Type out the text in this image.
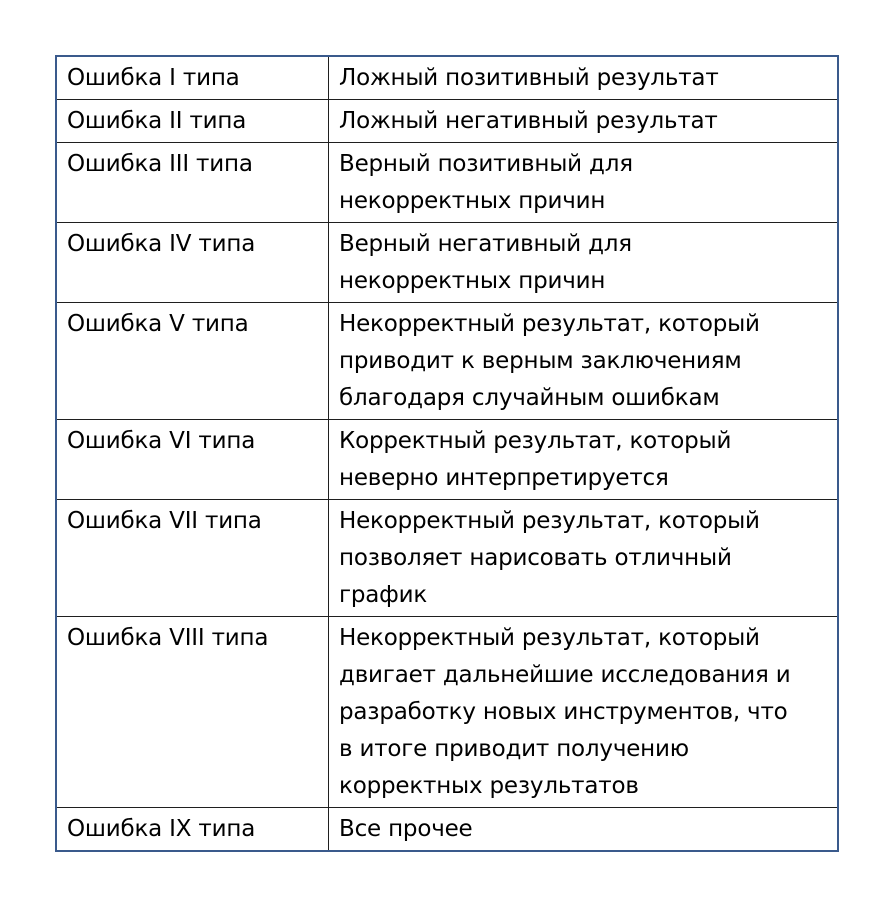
Ошибка I типа	Ложный позитивный результат
Ошибка II типа	Ложный негативный результат
Ошибка III типа	Верный позитивный для
некорректных причин
Ошибка IV типа	Верный негативный для
некорректных причин
Ошибка V типа	Некорректный результат, который
приводит к верным заключениям
благодаря случайным ошибкам
Ошибка VI типа	Корректный результат, который
неверно интерпретируется
Ошибка VII типа	Некорректный результат, который
позволяет нарисовать отличный
график
Ошибка VIII типа	Некорректный результат, который
двигает дальнейшие исследования и
разработку новых инструментов, что
в итоге приводит получению
корректных результатов
Ошибка IX типа	Все прочее
